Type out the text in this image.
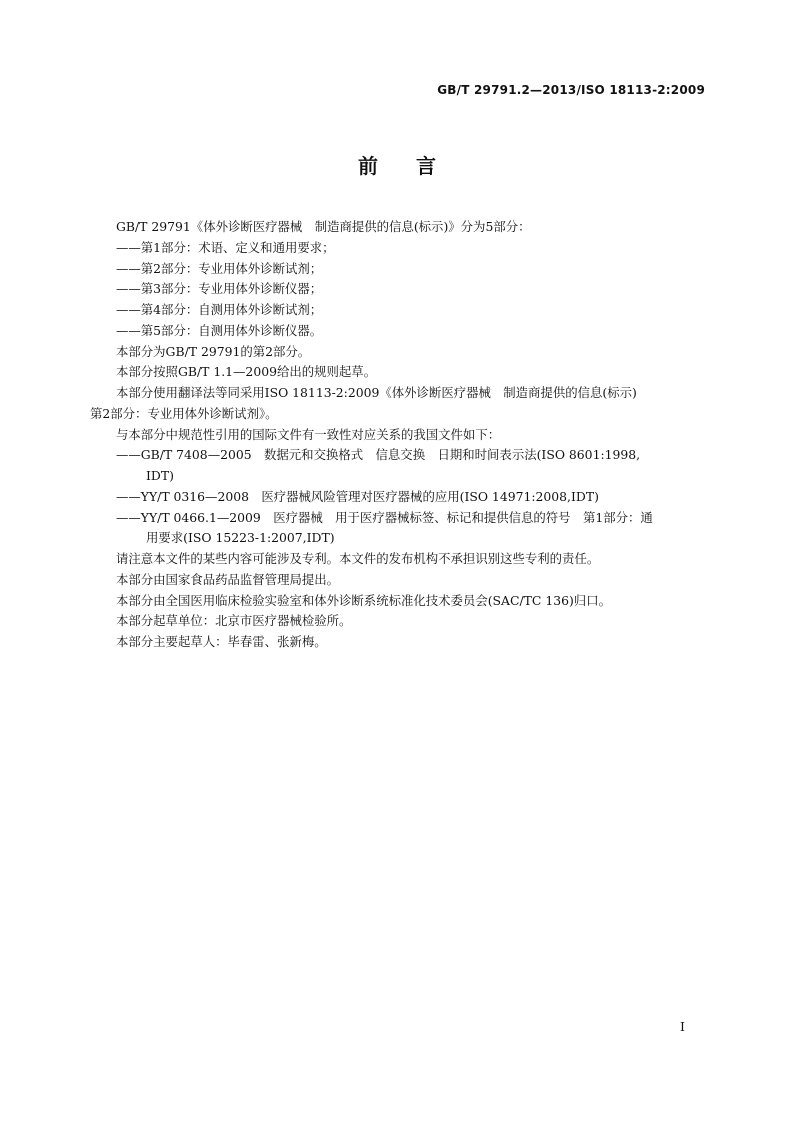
GB/T 29791.2—2013/ISO 18113-2:2009
前言

GB/T 29791《体外诊断医疗器械　制造商提供的信息(标示)》分为5部分：

——第1部分：术语、定义和通用要求；

——第2部分：专业用体外诊断试剂；

——第3部分：专业用体外诊断仪器；

——第4部分：自测用体外诊断试剂；

——第5部分：自测用体外诊断仪器。

本部分为GB/T 29791的第2部分。

本部分按照GB/T 1.1—2009给出的规则起草。

本部分使用翻译法等同采用ISO 18113-2:2009《体外诊断医疗器械　制造商提供的信息(标示)

第2部分：专业用体外诊断试剂》。

与本部分中规范性引用的国际文件有一致性对应关系的我国文件如下：

——GB/T 7408—2005　数据元和交换格式　信息交换　日期和时间表示法(ISO 8601:1998,

IDT)

——YY/T 0316—2008　医疗器械风险管理对医疗器械的应用(ISO 14971:2008,IDT)

——YY/T 0466.1—2009　医疗器械　用于医疗器械标签、标记和提供信息的符号　第1部分：通

用要求(ISO 15223-1:2007,IDT)

请注意本文件的某些内容可能涉及专利。本文件的发布机构不承担识别这些专利的责任。

本部分由国家食品药品监督管理局提出。

本部分由全国医用临床检验实验室和体外诊断系统标准化技术委员会(SAC/TC 136)归口。

本部分起草单位：北京市医疗器械检验所。

本部分主要起草人：毕春雷、张新梅。

I
